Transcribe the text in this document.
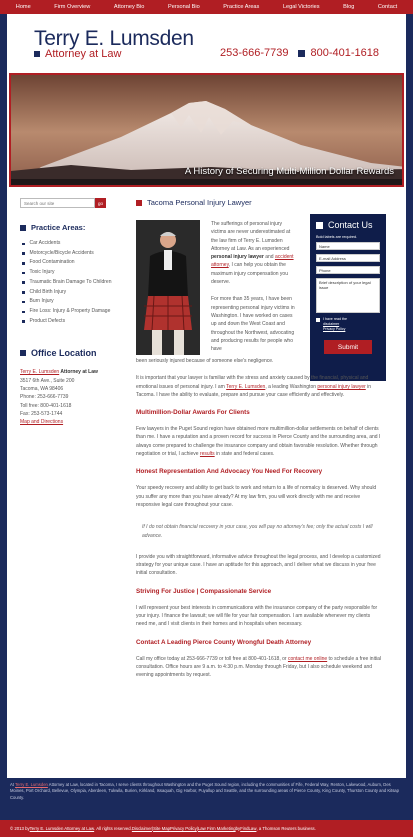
Home	Firm Overview	Attorney Bio	Personal Bio	Practice Areas	Legal Victories	Blog	Contact
Terry E. Lumsden
Attorney at Law	253-666-7739 800-401-1618
A History of Securing Multi-Million Dollar Rewards
Contact Us
Bold labels are required.
Name
E-mail Address
Phone
Brief description of your legal issue
I have read the
disclaimer
Privacy Policy
Submit
Search our site
go
Practice Areas:
Car Accidents
Motorcycle/Bicycle Accidents
Food Contamination
Toxic Injury
Traumatic Brain Damage To Children
Child Birth Injury
Burn Injury
Fire Loss: Injury & Property Damage
Product Defects
Office Location
Terry E. Lumsden Attorney at Law
3517 6th Ave., Suite 200
Tacoma, WA 98406
Phone: 253-666-7739
Toll free: 800-401-1618
Fax: 253-573-1744
Map and Directions
Tacoma Personal Injury Lawyer

The sufferings of personal injury victims are never underestimated at the law firm of Terry E. Lumsden Attorney at Law. As an experienced personal injury lawyer and accident attorney, I can help you obtain the maximum injury compensation you deserve.

For more than 35 years, I have been representing personal injury victims in Washington. I have worked on cases up and down the West Coast and throughout the Northwest, advocating and producing results for people who have

been seriously injured because of someone else's negligence.

It is important that your lawyer is familiar with the stress and anxiety caused by the financial, physical and emotional issues of personal injury. I am Terry E. Lumsden, a leading Washington personal injury lawyer in Tacoma. I have the ability to evaluate, prepare and pursue your case efficiently and effectively.

Multimillion-Dollar Awards For Clients

Few lawyers in the Puget Sound region have obtained more multimillion-dollar settlements on behalf of clients than me. I have a reputation and a proven record for success in Pierce County and the surrounding area, and I always come prepared to challenge the insurance company and obtain favorable resolution. Whether through negotiation or trial, I achieve results in state and federal cases.

Honest Representation And Advocacy You Need For Recovery

Your speedy recovery and ability to get back to work and return to a life of normalcy is deserved. Why should you suffer any more than you have already? At my law firm, you will work directly with me and receive responsive legal care throughout your case.

If I do not obtain financial recovery in your case, you will pay no attorney's fee; only the actual costs I will advance.

I provide you with straightforward, informative advice throughout the legal process, and I develop a customized strategy for your unique case. I have an aptitude for this approach, and I deliver what we discuss in your free initial consultation.

Striving For Justice | Compassionate Service

I will represent your best interests in communications with the insurance company of the party responsible for your injury. I finance the lawsuit; we will file for your fair compensation. I am available whenever my clients need me, and I visit clients in their homes and in hospitals when necessary.

Contact A Leading Pierce County Wrongful Death Attorney

Call my office today at 253-666-7739 or toll free at 800-401-1618, or contact me online to schedule a free initial consultation. Office hours are 9 a.m. to 4:30 p.m. Monday through Friday, but I also schedule weekend and evening appointments by request.

At Terry E. Lumsden Attorney at Law, located in Tacoma, I serve clients throughout Washington and the Puget Sound region, including the communities of Fife, Federal Way, Renton, Lakewood, Auburn, Des Moines, Port Orchard, Bellevue, Olympia, Aberdeen, Tukwila, Burien, Kirkland, Issaquah, Gig Harbor, Puyallup and Seattle, and the surrounding areas of Pierce County, King County, Thurston County and Kitsap County.
© 2013 by Terry E. Lumsden Attorney at Law . All rights reserved. Disclaimer | Site Map Privacy Policy | Law Firm Marketing by FindLaw , a Thomson Reuters business.
